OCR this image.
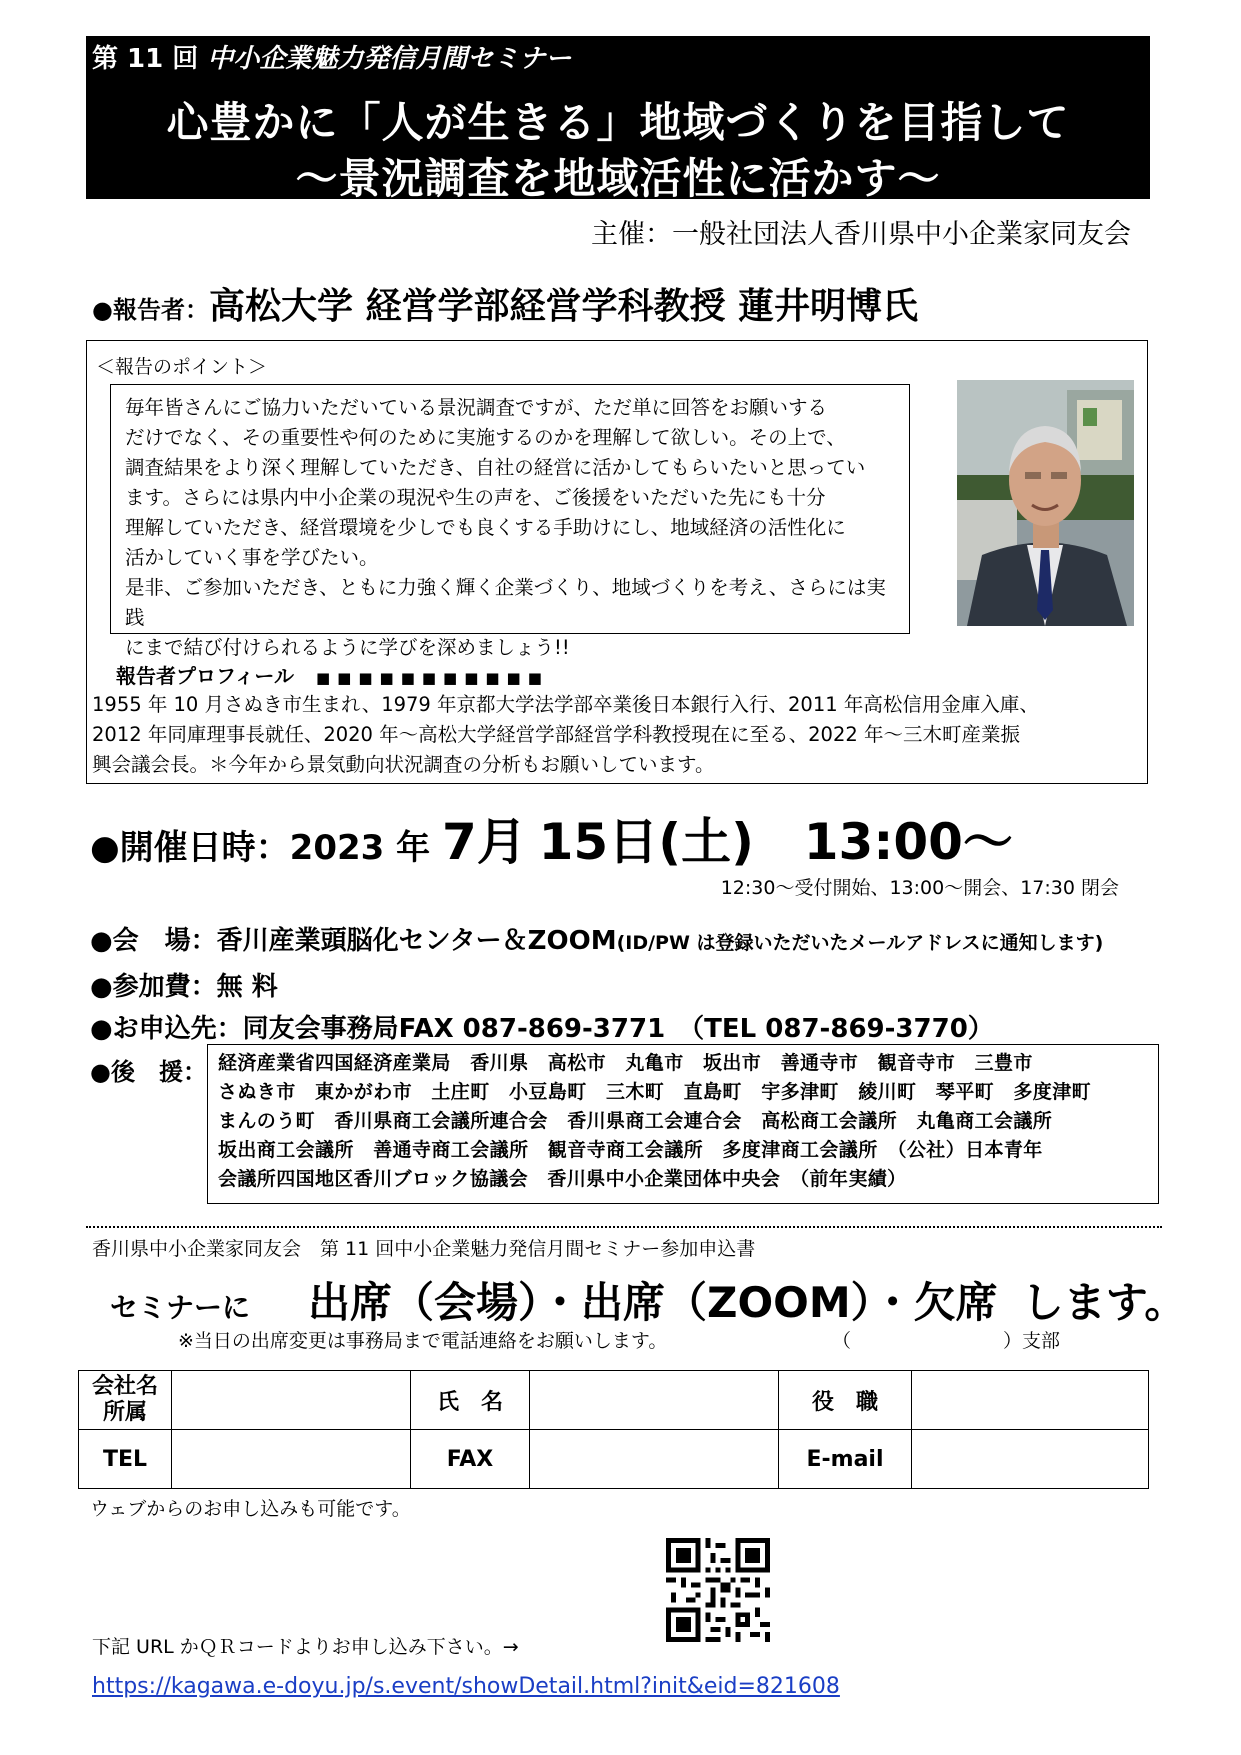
第 11 回 中小企業魅力発信月間セミナー
心豊かに「人が生きる」地域づくりを目指して
～景況調査を地域活性に活かす～
主催：一般社団法人香川県中小企業家同友会
●報告者：高松大学 経営学部経営学科教授 蓮井明博氏
＜報告のポイント＞
毎年皆さんにご協力いただいている景況調査ですが、ただ単に回答をお願いする
だけでなく、その重要性や何のために実施するのかを理解して欲しい。その上で、
調査結果をより深く理解していただき、自社の経営に活かしてもらいたいと思ってい
ます。さらには県内中小企業の現況や生の声を、ご後援をいただいた先にも十分
理解していただき、経営環境を少しでも良くする手助けにし、地域経済の活性化に
活かしていく事を学びたい。
是非、ご参加いただき、ともに力強く輝く企業づくり、地域づくりを考え、さらには実践
にまで結び付けられるように学びを深めましょう!!
報告者プロフィール ■■■■■■■■■■■
1955 年 10 月さぬき市生まれ、1979 年京都大学法学部卒業後日本銀行入行、2011 年高松信用金庫入庫、
2012 年同庫理事長就任、2020 年～高松大学経営学部経営学科教授現在に至る、2022 年～三木町産業振
興会議会長。＊今年から景気動向状況調査の分析もお願いしています。
●開催日時：2023 年 7月 15日(土) 13:00～
12:30～受付開始、13:00～開会、17:30 閉会
●会　場：香川産業頭脳化センター＆ZOOM(ID/PW は登録いただいたメールアドレスに通知します)
●参加費：無 料
●お申込先：同友会事務局FAX 087-869-3771　（TEL 087-869-3770）
●後　援： 経済産業省四国経済産業局　香川県　高松市　丸亀市　坂出市　善通寺市　観音寺市　三豊市
さぬき市　東かがわ市　土庄町　小豆島町　三木町　直島町　宇多津町　綾川町　琴平町　多度津町
まんのう町　香川県商工会議所連合会　香川県商工会連合会　高松商工会議所　丸亀商工会議所
坂出商工会議所　善通寺商工会議所　観音寺商工会議所　多度津商工会議所　（公社）日本青年
会議所四国地区香川ブロック協議会　香川県中小企業団体中央会　（前年実績）
香川県中小企業家同友会　第 11 回中小企業魅力発信月間セミナー参加申込書
セミナーに 出席（会場）・出席（ZOOM）・欠席 します。
※当日の出席変更は事務局まで電話連絡をお願いします。	（　　　　　　　　）支部
会社名
所属		氏　名		役　職	
TEL		FAX		E-mail	
ウェブからのお申し込みも可能です。
下記 URL かＱＲコードよりお申し込み下さい。→
https://kagawa.e-doyu.jp/s.event/showDetail.html?init&eid=821608
